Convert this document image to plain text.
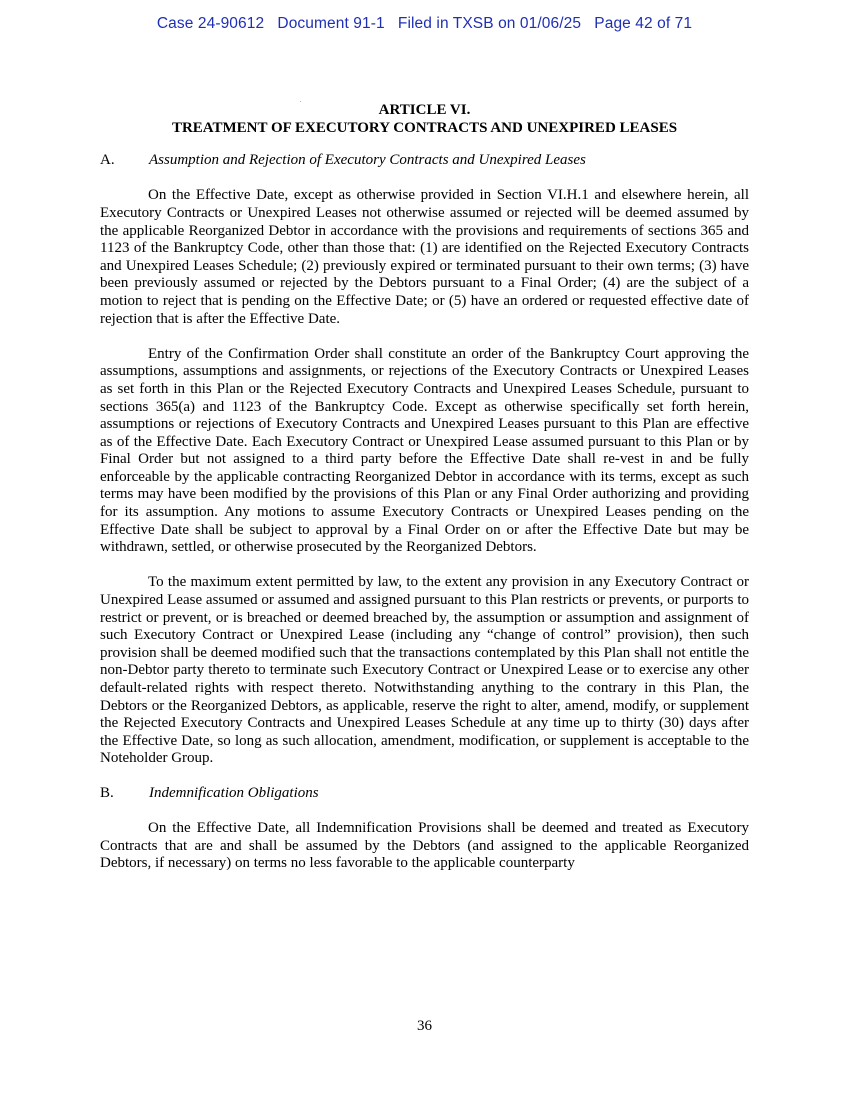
Case 24-90612   Document 91-1   Filed in TXSB on 01/06/25   Page 42 of 71
ARTICLE VI.
TREATMENT OF EXECUTORY CONTRACTS AND UNEXPIRED LEASES
A. Assumption and Rejection of Executory Contracts and Unexpired Leases

On the Effective Date, except as otherwise provided in Section VI.H.1 and elsewhere herein, all Executory Contracts or Unexpired Leases not otherwise assumed or rejected will be deemed assumed by the applicable Reorganized Debtor in accordance with the provisions and requirements of sections 365 and 1123 of the Bankruptcy Code, other than those that: (1) are identified on the Rejected Executory Contracts and Unexpired Leases Schedule; (2) previously expired or terminated pursuant to their own terms; (3) have been previously assumed or rejected by the Debtors pursuant to a Final Order; (4) are the subject of a motion to reject that is pending on the Effective Date; or (5) have an ordered or requested effective date of rejection that is after the Effective Date.

Entry of the Confirmation Order shall constitute an order of the Bankruptcy Court approving the assumptions, assumptions and assignments, or rejections of the Executory Contracts or Unexpired Leases as set forth in this Plan or the Rejected Executory Contracts and Unexpired Leases Schedule, pursuant to sections 365(a) and 1123 of the Bankruptcy Code. Except as otherwise specifically set forth herein, assumptions or rejections of Executory Contracts and Unexpired Leases pursuant to this Plan are effective as of the Effective Date. Each Executory Contract or Unexpired Lease assumed pursuant to this Plan or by Final Order but not assigned to a third party before the Effective Date shall re-vest in and be fully enforceable by the applicable contracting Reorganized Debtor in accordance with its terms, except as such terms may have been modified by the provisions of this Plan or any Final Order authorizing and providing for its assumption. Any motions to assume Executory Contracts or Unexpired Leases pending on the Effective Date shall be subject to approval by a Final Order on or after the Effective Date but may be withdrawn, settled, or otherwise prosecuted by the Reorganized Debtors.

To the maximum extent permitted by law, to the extent any provision in any Executory Contract or Unexpired Lease assumed or assumed and assigned pursuant to this Plan restricts or prevents, or purports to restrict or prevent, or is breached or deemed breached by, the assumption or assumption and assignment of such Executory Contract or Unexpired Lease (including any “change of control” provision), then such provision shall be deemed modified such that the transactions contemplated by this Plan shall not entitle the non-Debtor party thereto to terminate such Executory Contract or Unexpired Lease or to exercise any other default-related rights with respect thereto. Notwithstanding anything to the contrary in this Plan, the Debtors or the Reorganized Debtors, as applicable, reserve the right to alter, amend, modify, or supplement the Rejected Executory Contracts and Unexpired Leases Schedule at any time up to thirty (30) days after the Effective Date, so long as such allocation, amendment, modification, or supplement is acceptable to the Noteholder Group.

B. Indemnification Obligations

On the Effective Date, all Indemnification Provisions shall be deemed and treated as Executory Contracts that are and shall be assumed by the Debtors (and assigned to the applicable Reorganized Debtors, if necessary) on terms no less favorable to the applicable counterparty

36
